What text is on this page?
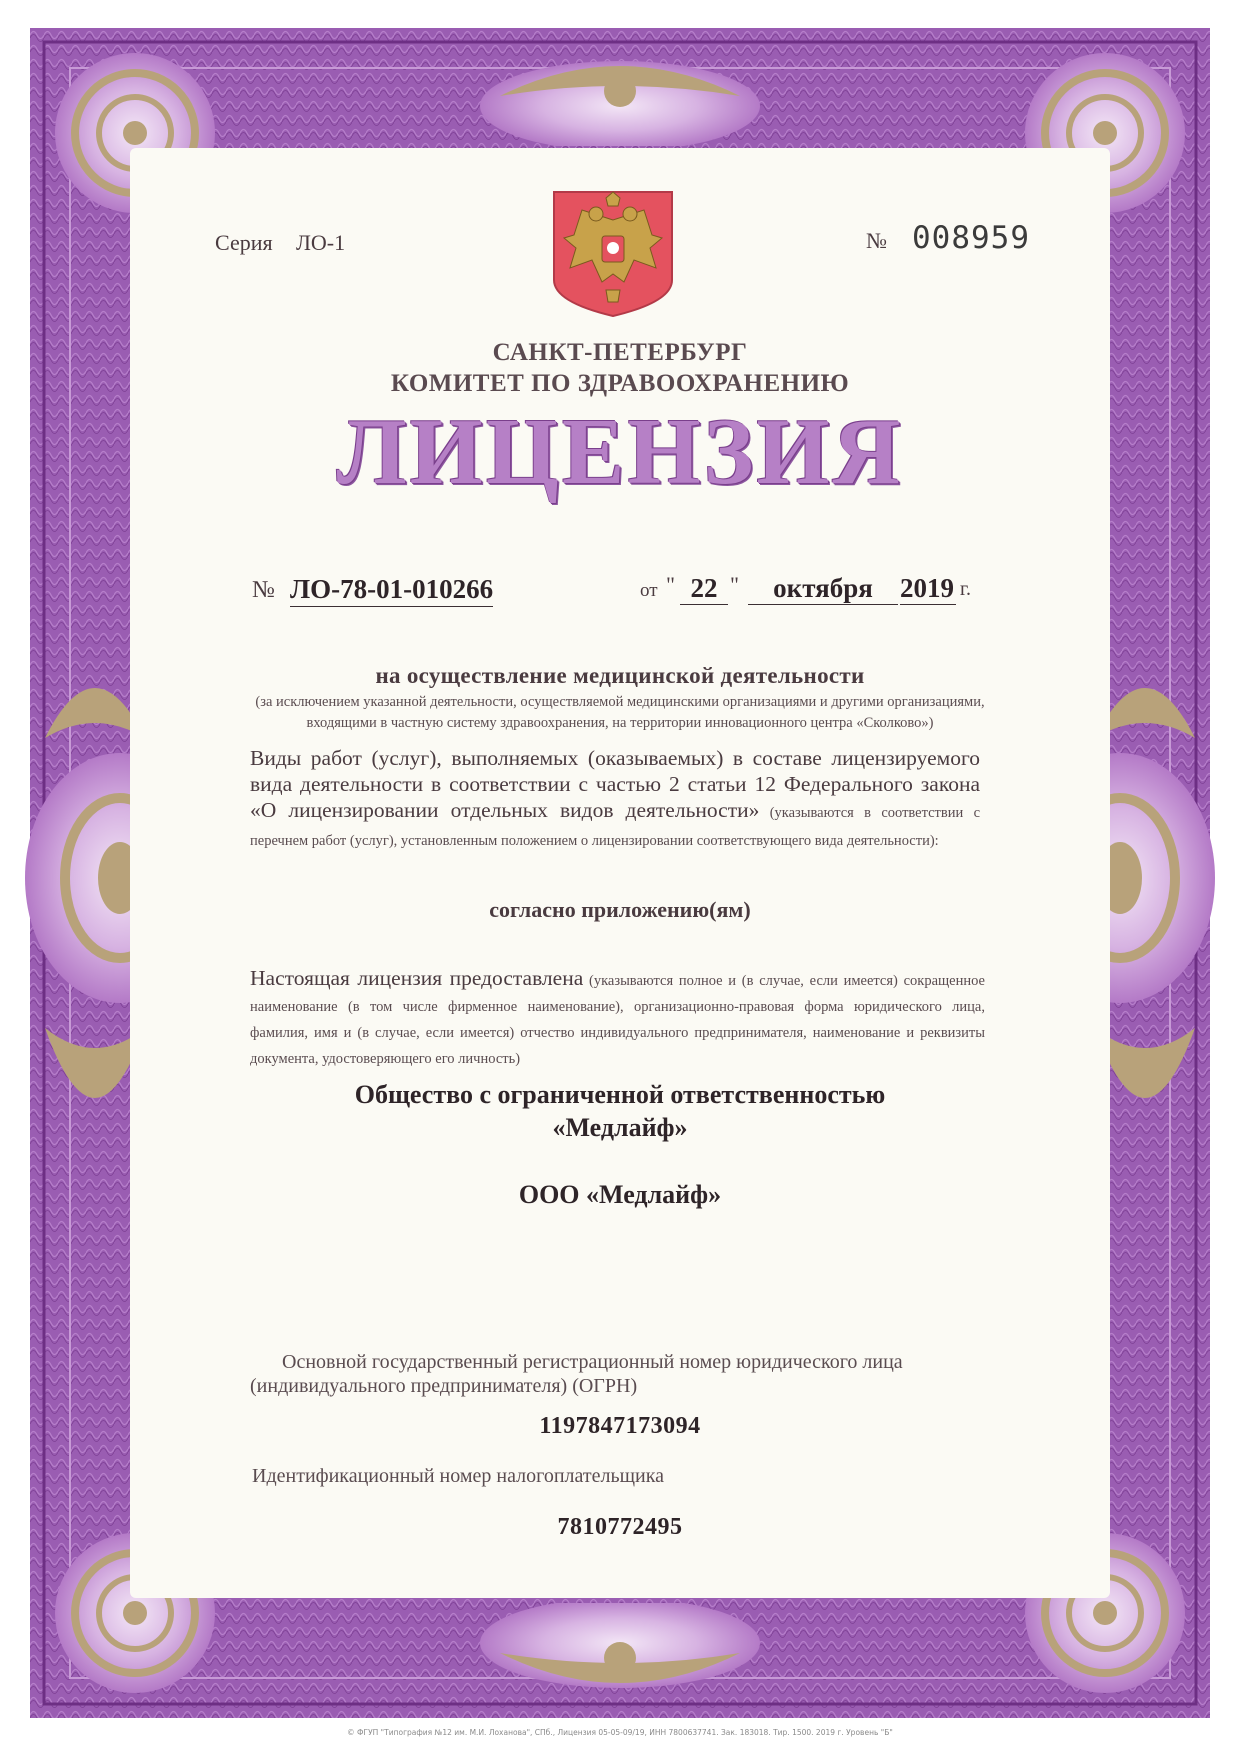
Серия ЛО-1	№ 008959
САНКТ-ПЕТЕРБУРГ
КОМИТЕТ ПО ЗДРАВООХРАНЕНИЮ
ЛИЦЕНЗИЯ
№ ЛО-78-01-010266	от " 22 "	октября	2019 г.
на осуществление медицинской деятельности
(за исключением указанной деятельности, осуществляемой медицинскими организациями и другими организациями, входящими в частную систему здравоохранения, на территории инновационного центра «Сколково»)
Виды работ (услуг), выполняемых (оказываемых) в составе лицензируемого вида деятельности в соответствии с частью 2 статьи 12 Федерального закона «О лицензировании отдельных видов деятельности» (указываются в соответствии с перечнем работ (услуг), установленным положением о лицензировании соответствующего вида деятельности):
согласно приложению(ям)
Настоящая лицензия предоставлена (указываются полное и (в случае, если имеется) сокращенное наименование (в том числе фирменное наименование), организационно-правовая форма юридического лица, фамилия, имя и (в случае, если имеется) отчество индивидуального предпринимателя, наименование и реквизиты документа, удостоверяющего его личность)
Общество с ограниченной ответственностью
«Медлайф»
ООО «Медлайф»
Основной государственный регистрационный номер юридического лица (индивидуального предпринимателя) (ОГРН)
1197847173094
Идентификационный номер налогоплательщика
7810772495
© ФГУП "Типография №12 им. М.И. Лоханова", СПб., Лицензия 05-05-09/19, ИНН 7800637741. Зак. 183018. Тир. 1500. 2019 г. Уровень "Б"
